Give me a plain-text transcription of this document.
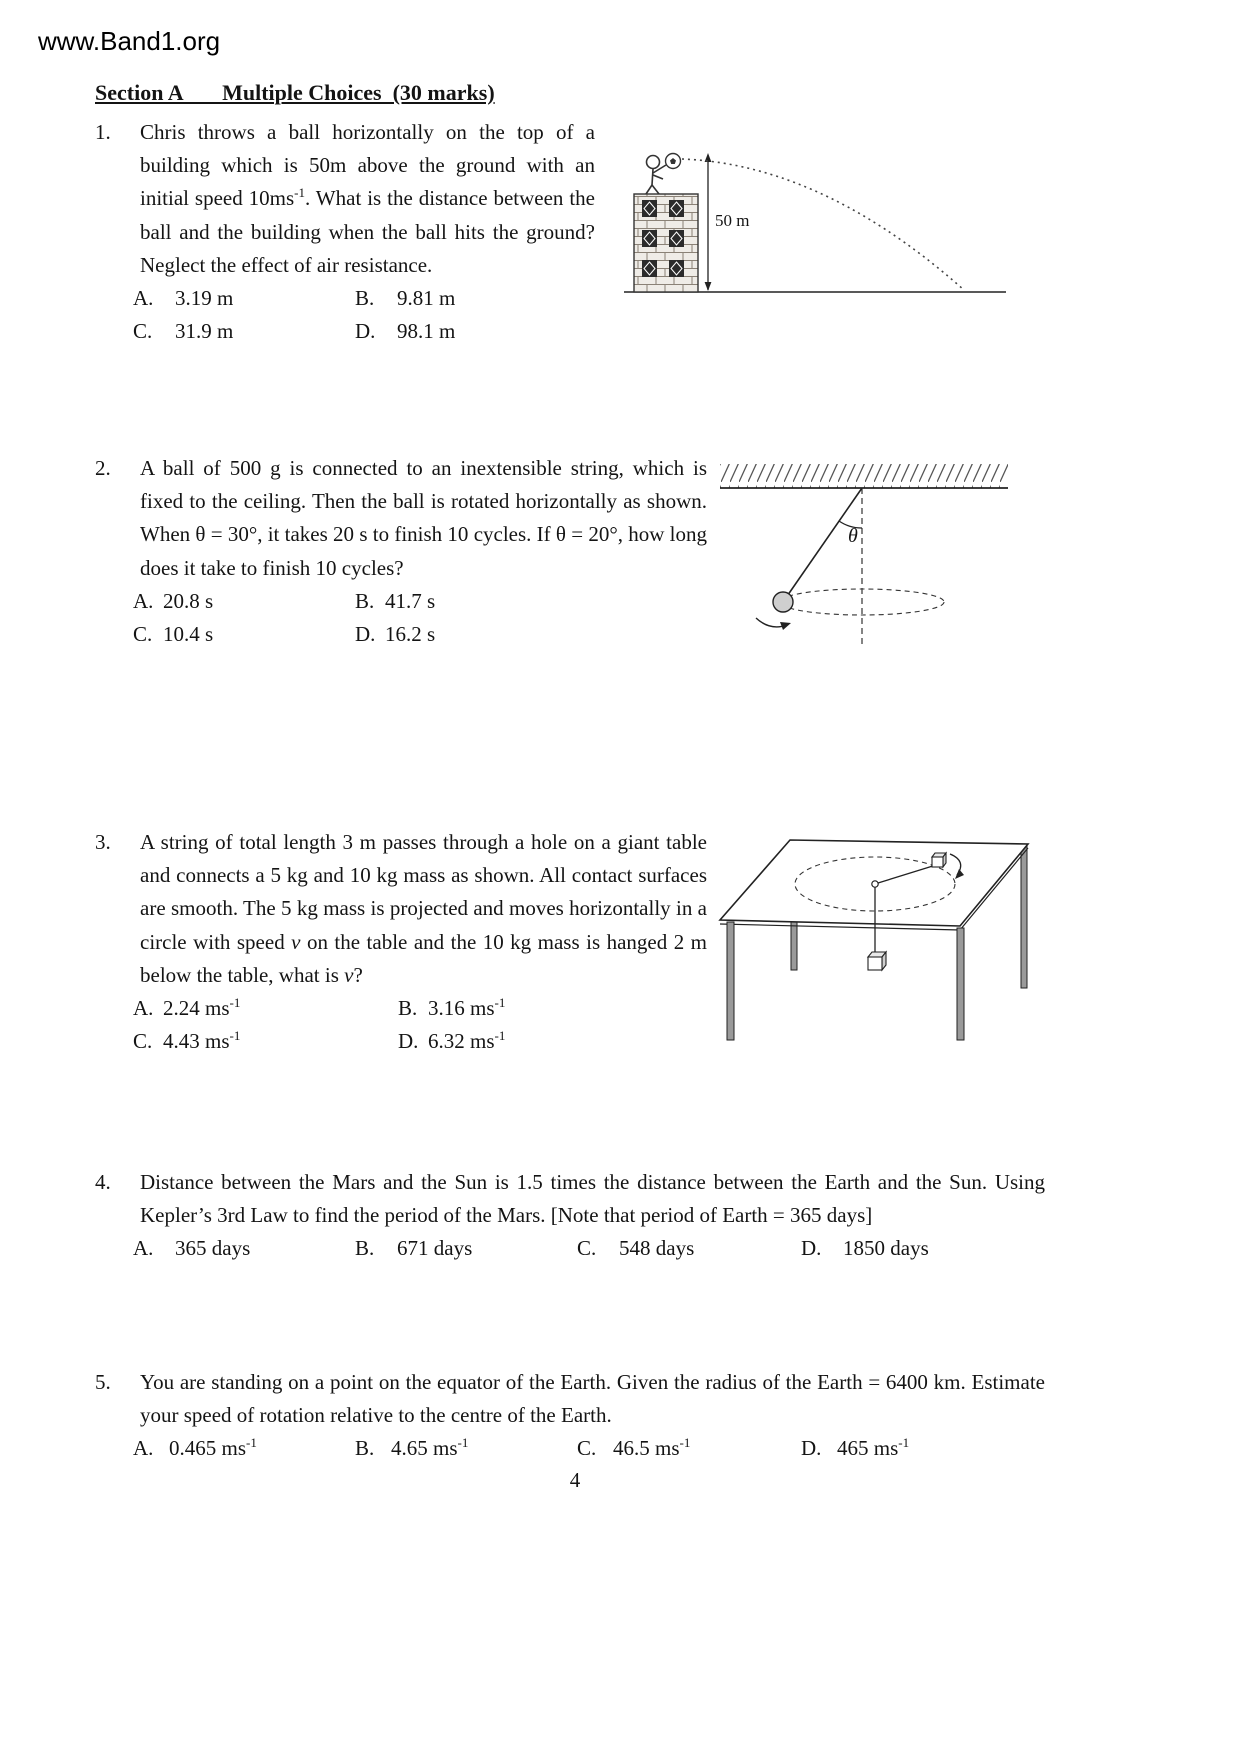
www.Band1.org
Section A       Multiple Choices  (30 marks)
1.	Chris throws a ball horizontally on the top of a building which is 50m above the ground with an initial speed $10ms^{-1}$. What is the distance between the ball and the building when the ball hits the ground? Neglect the effect of air resistance.
A. 3.19 m	B. 9.81 m
C. 31.9 m	D. 98.1 m
50 m
2.	A ball of 500 g is connected to an inextensible string, which is fixed to the ceiling. Then the ball is rotated horizontally as shown. When θ = 30°, it takes 20 s to finish 10 cycles. If θ = 20°, how long does it take to finish 10 cycles?
A. 20.8 s	B. 41.7 s
C. 10.4 s	D. 16.2 s
θ
3.	A string of total length 3 m passes through a hole on a giant table and connects a 5 kg and 10 kg mass as shown. All contact surfaces are smooth. The 5 kg mass is projected and moves horizontally in a circle with speed v on the table and the 10 kg mass is hanged 2 m below the table, what is v?
A. 2.24 $ms^{-1}$	B. 3.16 $ms^{-1}$
C. 4.43 $ms^{-1}$	D. 6.32 $ms^{-1}$
4.	Distance between the Mars and the Sun is 1.5 times the distance between the Earth and the Sun. Using Kepler’s 3rd Law to find the period of the Mars. [Note that period of Earth = 365 days]
A. 365 days	B. 671 days	C. 548 days	D. 1850 days
5.	You are standing on a point on the equator of the Earth. Given the radius of the Earth = 6400 km. Estimate your speed of rotation relative to the centre of the Earth.
A. 0.465 $ms^{-1}$	B. 4.65 $ms^{-1}$	C. 46.5 $ms^{-1}$	D. 465 $ms^{-1}$
4
